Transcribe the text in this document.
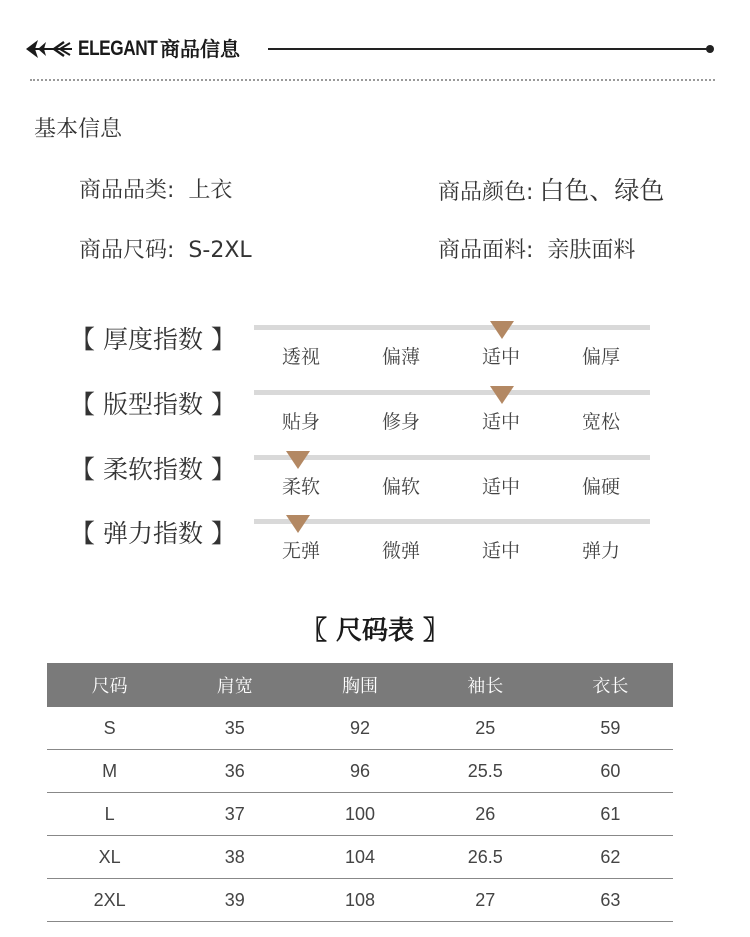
ELEGANT 商品信息
基本信息
商品品类: 上衣	商品颜色: 白色、绿色
商品尺码: S-2XL	商品面料: 亲肤面料
【 厚度指数 】
透视	偏薄	适中	偏厚
【 版型指数 】
贴身	修身	适中	宽松
【 柔软指数 】
柔软	偏软	适中	偏硬
【 弹力指数 】
无弹	微弹	适中	弹力
〖 尺码表 〗
尺码	肩宽	胸围	袖长	衣长
S	35	92	25	59
M	36	96	25.5	60
L	37	100	26	61
XL	38	104	26.5	62
2XL	39	108	27	63
